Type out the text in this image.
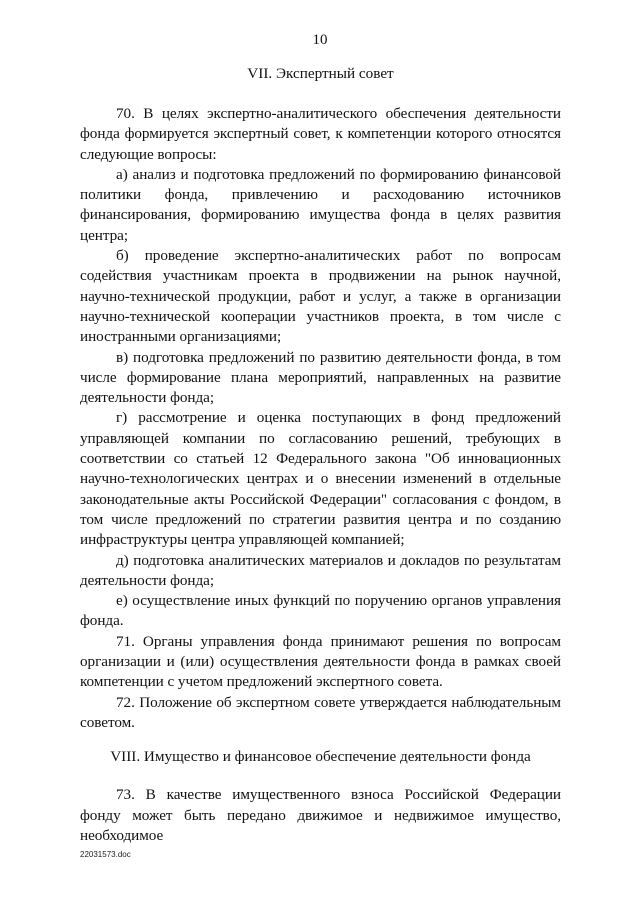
10

VII. Экспертный совет

70. В целях экспертно-аналитического обеспечения деятельности фонда формируется экспертный совет, к компетенции которого относятся следующие вопросы:

а) анализ и подготовка предложений по формированию финансовой политики фонда, привлечению и расходованию источников финансирования, формированию имущества фонда в целях развития центра;

б) проведение экспертно-аналитических работ по вопросам содействия участникам проекта в продвижении на рынок научной, научно-технической продукции, работ и услуг, а также в организации научно-технической кооперации участников проекта, в том числе с иностранными организациями;

в) подготовка предложений по развитию деятельности фонда, в том числе формирование плана мероприятий, направленных на развитие деятельности фонда;

г) рассмотрение и оценка поступающих в фонд предложений управляющей компании по согласованию решений, требующих в соответствии со статьей 12 Федерального закона "Об инновационных научно-технологических центрах и о внесении изменений в отдельные законодательные акты Российской Федерации" согласования с фондом, в том числе предложений по стратегии развития центра и по созданию инфраструктуры центра управляющей компанией;

д) подготовка аналитических материалов и докладов по результатам деятельности фонда;

е) осуществление иных функций по поручению органов управления фонда.

71. Органы управления фонда принимают решения по вопросам организации и (или) осуществления деятельности фонда в рамках своей компетенции с учетом предложений экспертного совета.

72. Положение об экспертном совете утверждается наблюдательным советом.

VIII. Имущество и финансовое обеспечение деятельности фонда

73. В качестве имущественного взноса Российской Федерации фонду может быть передано движимое и недвижимое имущество, необходимое

22031573.doc
